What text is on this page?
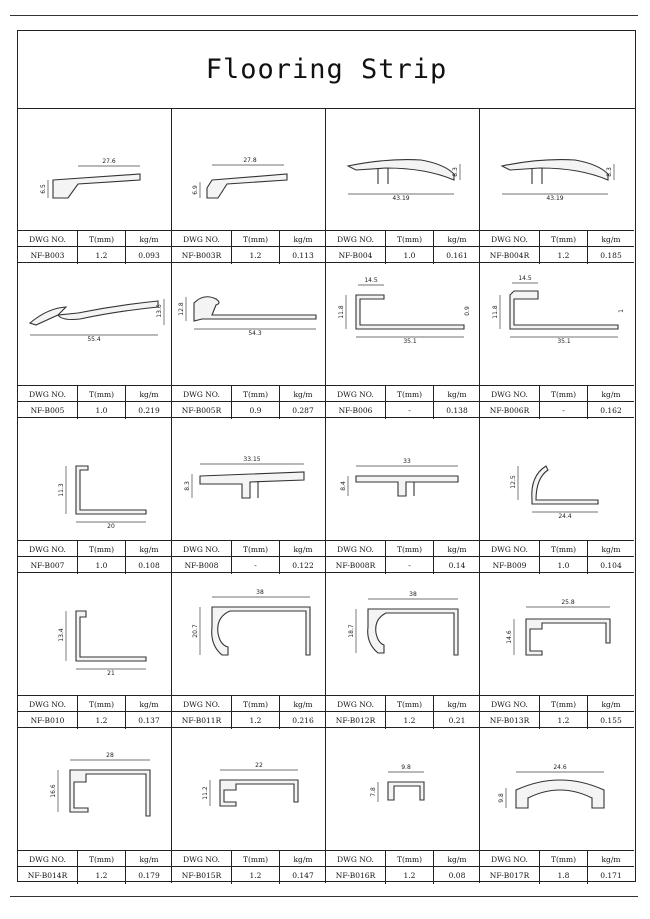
Flooring Strip
27.6
6.5
DWG NO.	T(mm)	kg/m
NF-B003	1.2	0.093
27.8
6.9
DWG NO.	T(mm)	kg/m
NF-B003R	1.2	0.113
43.19
8.3
DWG NO.	T(mm)	kg/m
NF-B004	1.0	0.161
43.19
8.3
DWG NO.	T(mm)	kg/m
NF-B004R	1.2	0.185
55.4
13.6
DWG NO.	T(mm)	kg/m
NF-B005	1.0	0.219
54.3
12.8
DWG NO.	T(mm)	kg/m
NF-B005R	0.9	0.287
14.5
11.8	0.9
35.1
DWG NO.	T(mm)	kg/m
NF-B006	-	0.138
14.5
11.8	1
35.1
DWG NO.	T(mm)	kg/m
NF-B006R	-	0.162
11.3
20
DWG NO.	T(mm)	kg/m
NF-B007	1.0	0.108
33.15
8.3
DWG NO.	T(mm)	kg/m
NF-B008	-	0.122
33
8.4
DWG NO.	T(mm)	kg/m
NF-B008R	-	0.14
12.5
24.4
DWG NO.	T(mm)	kg/m
NF-B009	1.0	0.104
13.4
21
DWG NO.	T(mm)	kg/m
NF-B010	1.2	0.137
38
20.7
DWG NO.	T(mm)	kg/m
NF-B011R	1.2	0.216
38
18.7
DWG NO.	T(mm)	kg/m
NF-B012R	1.2	0.21
25.8
14.6
DWG NO.	T(mm)	kg/m
NF-B013R	1.2	0.155
28
16.6
DWG NO.	T(mm)	kg/m
NF-B014R	1.2	0.179
22
11.2
DWG NO.	T(mm)	kg/m
NF-B015R	1.2	0.147
9.8
7.8
DWG NO.	T(mm)	kg/m
NF-B016R	1.2	0.08
24.6
9.8
DWG NO.	T(mm)	kg/m
NF-B017R	1.8	0.171
